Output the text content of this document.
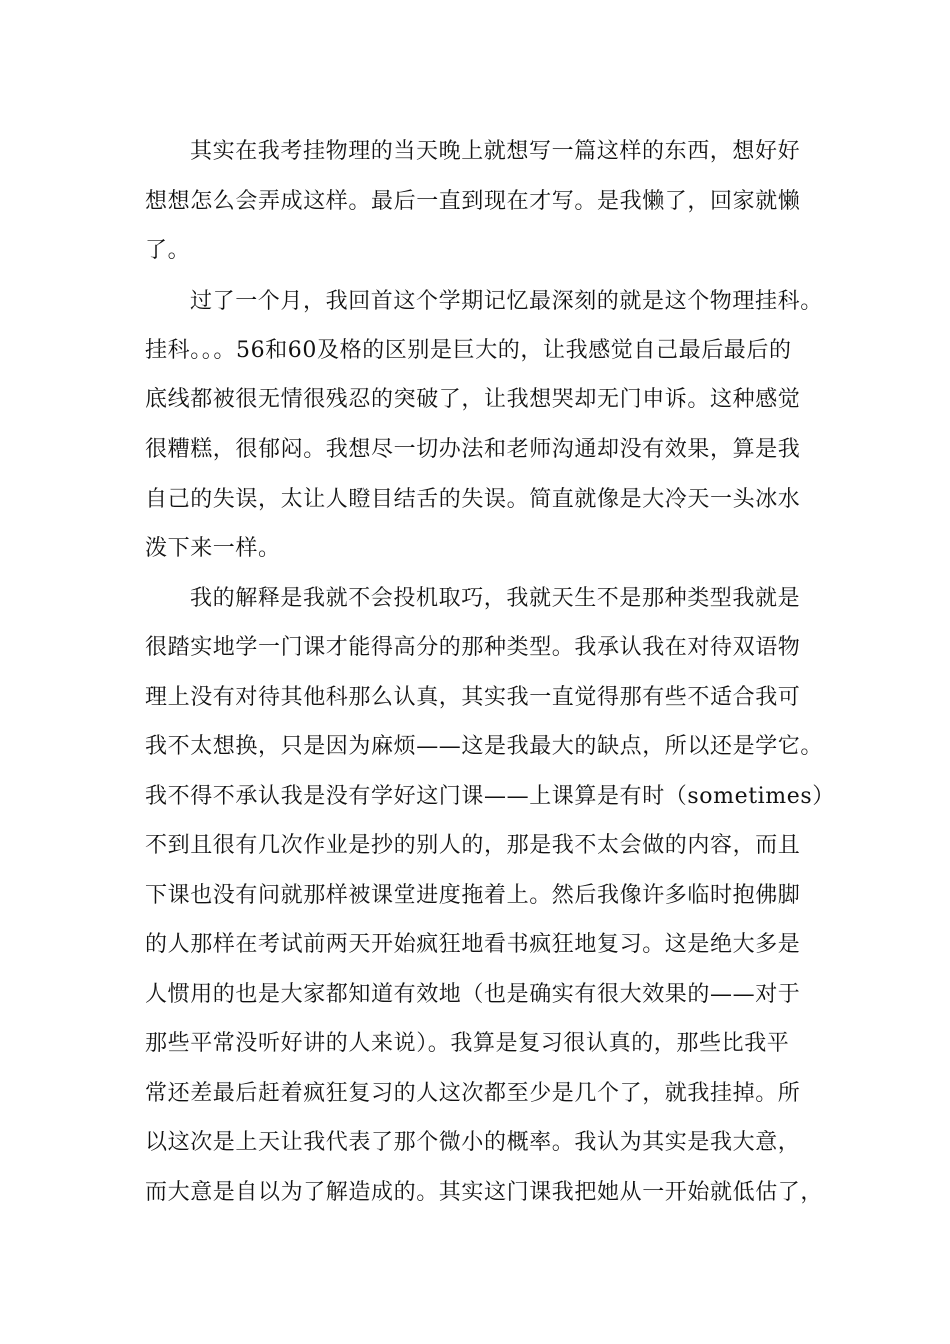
其实在我考挂物理的当天晚上就想写一篇这样的东西，想好好
想想怎么会弄成这样。最后一直到现在才写。是我懒了，回家就懒
了。
过了一个月，我回首这个学期记忆最深刻的就是这个物理挂科。
挂科。。。56和60及格的区别是巨大的，让我感觉自己最后最后的
底线都被很无情很残忍的突破了，让我想哭却无门申诉。这种感觉
很糟糕，很郁闷。我想尽一切办法和老师沟通却没有效果，算是我
自己的失误，太让人瞪目结舌的失误。简直就像是大冷天一头冰水
泼下来一样。
我的解释是我就不会投机取巧，我就天生不是那种类型我就是
很踏实地学一门课才能得高分的那种类型。我承认我在对待双语物
理上没有对待其他科那么认真，其实我一直觉得那有些不适合我可
我不太想换，只是因为麻烦——这是我最大的缺点，所以还是学它。
我不得不承认我是没有学好这门课——上课算是有时（sometimes）
不到且很有几次作业是抄的别人的，那是我不太会做的内容，而且
下课也没有问就那样被课堂进度拖着上。然后我像许多临时抱佛脚
的人那样在考试前两天开始疯狂地看书疯狂地复习。这是绝大多是
人惯用的也是大家都知道有效地（也是确实有很大效果的——对于
那些平常没听好讲的人来说）。我算是复习很认真的，那些比我平
常还差最后赶着疯狂复习的人这次都至少是几个了，就我挂掉。所
以这次是上天让我代表了那个微小的概率。我认为其实是我大意，
而大意是自以为了解造成的。其实这门课我把她从一开始就低估了，
